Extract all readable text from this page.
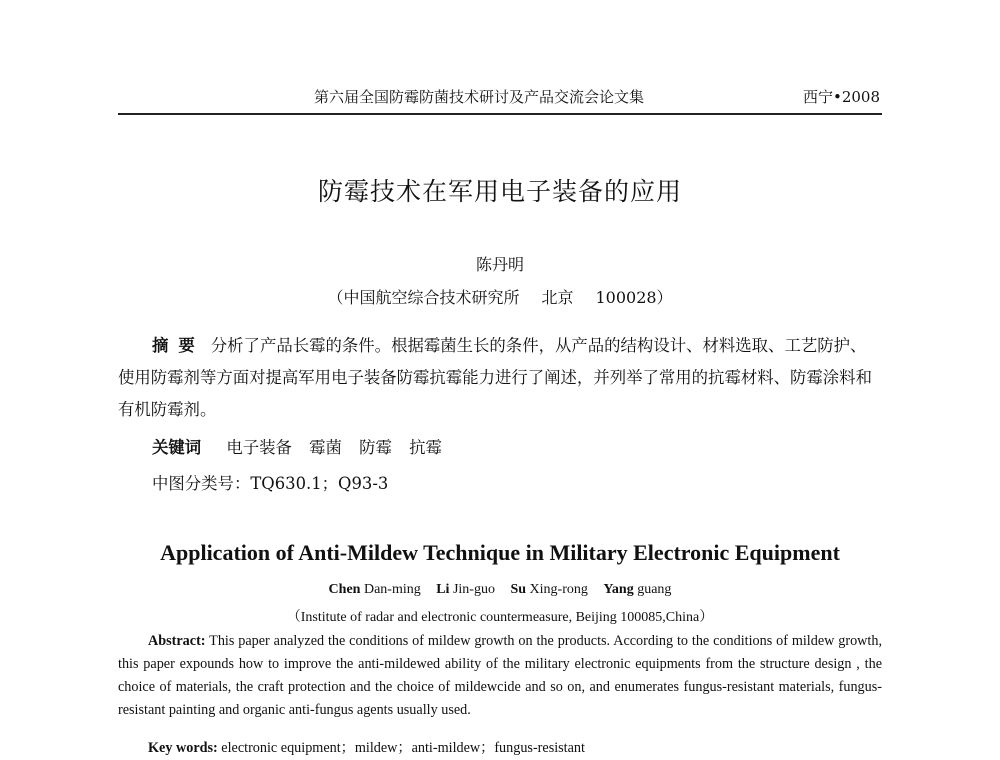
第六届全国防霉防菌技术研讨及产品交流会论文集	西宁•2008
防霉技术在军用电子装备的应用
陈丹明
（中国航空综合技术研究所 北京 100028）

摘要 分析了产品长霉的条件。根据霉菌生长的条件，从产品的结构设计、材料选取、工艺防护、使用防霉剂等方面对提高军用电子装备防霉抗霉能力进行了阐述，并列举了常用的抗霉材料、防霉涂料和有机防霉剂。

关键词 电子装备 霉菌 防霉 抗霉
中图分类号：TQ630.1；Q93-3
Application of Anti-Mildew Technique in Military Electronic Equipment
Chen Dan-ming Li Jin-guo Su Xing-rong Yang guang
（Institute of radar and electronic countermeasure, Beijing 100085,China）

Abstract: This paper analyzed the conditions of mildew growth on the products. According to the conditions of mildew growth, this paper expounds how to improve the anti-mildewed ability of the military electronic equipments from the structure design , the choice of materials, the craft protection and the choice of mildewcide and so on, and enumerates fungus-resistant materials, fungus-resistant painting and organic anti-fungus agents usually used.

Key words: electronic equipment；mildew；anti-mildew；fungus-resistant
